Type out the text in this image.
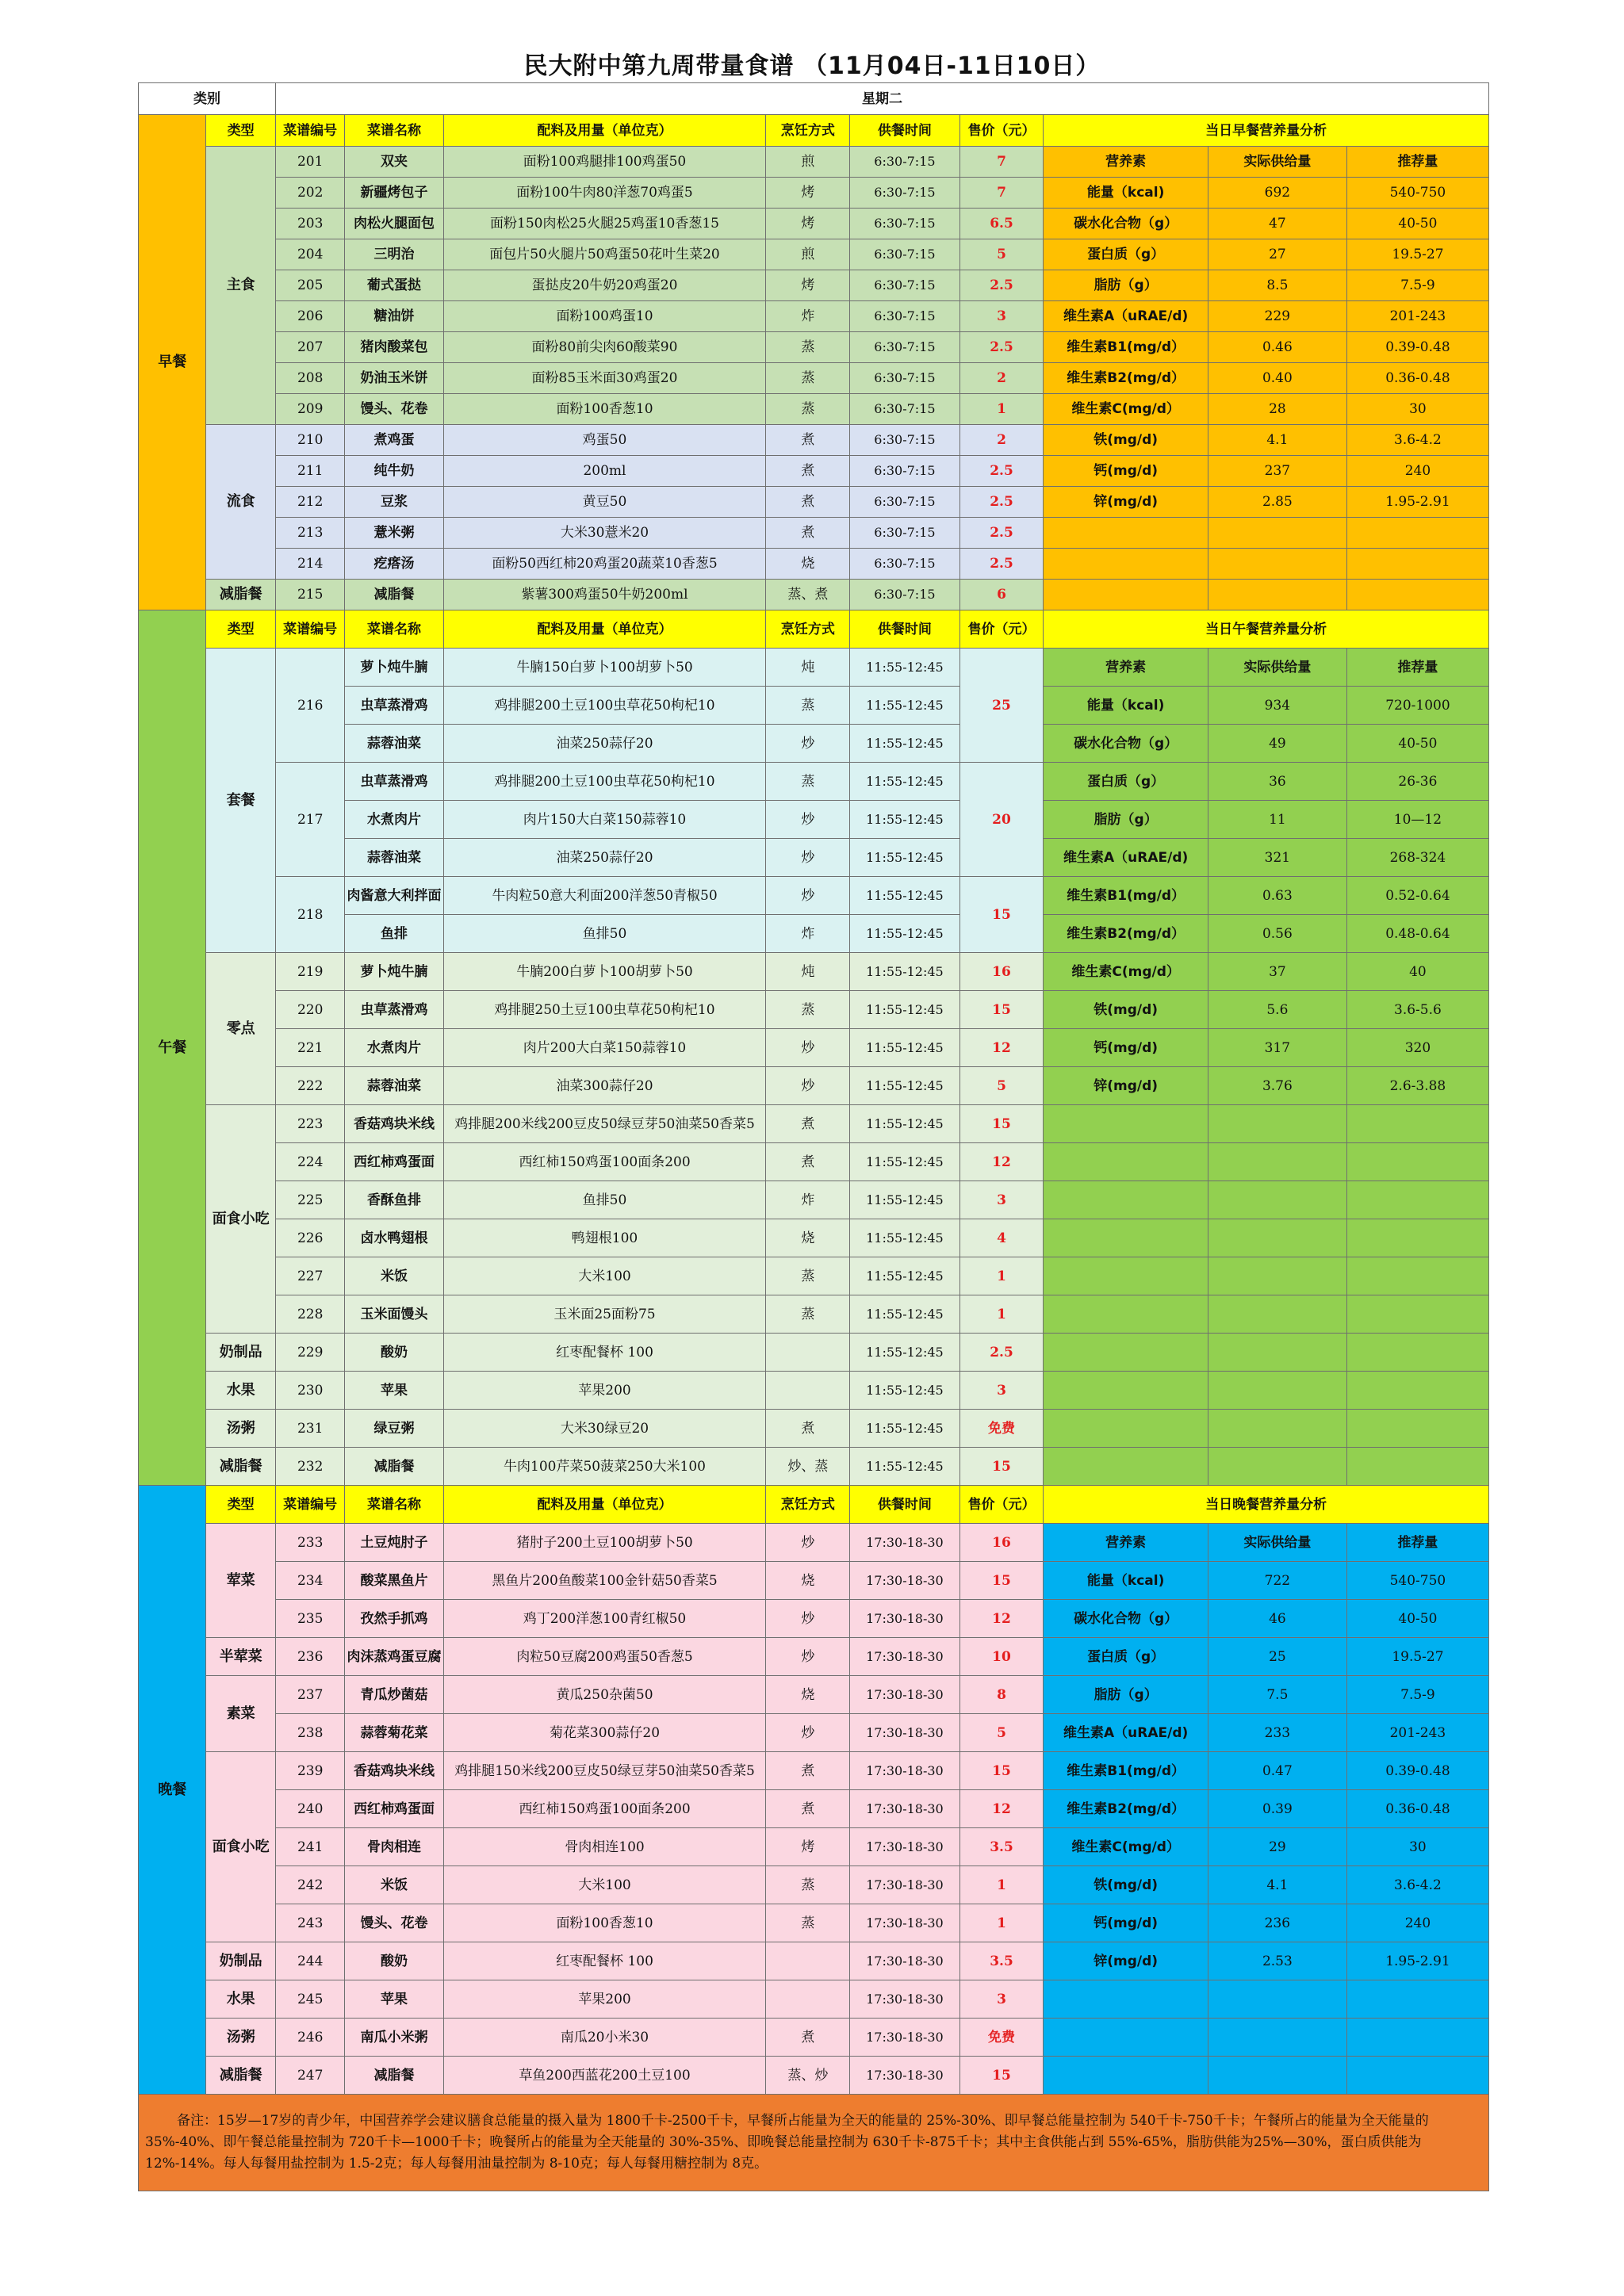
民大附中第九周带量食谱 （11月04日-11日10日）
类别		星期二								
早餐	类型	菜谱编号	菜谱名称	配料及用量（单位克）	烹饪方式	供餐时间	售价（元）	当日早餐营养量分析		
	主食	201	双夹	面粉100鸡腿排100鸡蛋50	煎	6:30-7:15	7	营养素	实际供给量	推荐量
		202	新疆烤包子	面粉100牛肉80洋葱70鸡蛋5	烤	6:30-7:15	7	能量（kcal)	692	540-750
		203	肉松火腿面包	面粉150肉松25火腿25鸡蛋10香葱15	烤	6:30-7:15	6.5	碳水化合物（g）	47	40-50
		204	三明治	面包片50火腿片50鸡蛋50花叶生菜20	煎	6:30-7:15	5	蛋白质（g）	27	19.5-27
		205	葡式蛋挞	蛋挞皮20牛奶20鸡蛋20	烤	6:30-7:15	2.5	脂肪（g）	8.5	7.5-9
		206	糖油饼	面粉100鸡蛋10	炸	6:30-7:15	3	维生素A（uRAE/d)	229	201-243
		207	猪肉酸菜包	面粉80前尖肉60酸菜90	蒸	6:30-7:15	2.5	维生素B1(mg/d）	0.46	0.39-0.48
		208	奶油玉米饼	面粉85玉米面30鸡蛋20	蒸	6:30-7:15	2	维生素B2(mg/d）	0.40	0.36-0.48
		209	馒头、花卷	面粉100香葱10	蒸	6:30-7:15	1	维生素C(mg/d）	28	30
	流食	210	煮鸡蛋	鸡蛋50	煮	6:30-7:15	2	铁(mg/d)	4.1	3.6-4.2
		211	纯牛奶	200ml	煮	6:30-7:15	2.5	钙(mg/d)	237	240
		212	豆浆	黄豆50	煮	6:30-7:15	2.5	锌(mg/d)	2.85	1.95-2.91
		213	薏米粥	大米30薏米20	煮	6:30-7:15	2.5			
		214	疙瘩汤	面粉50西红柿20鸡蛋20蔬菜10香葱5	烧	6:30-7:15	2.5			
	减脂餐	215	减脂餐	紫薯300鸡蛋50牛奶200ml	蒸、煮	6:30-7:15	6			
午餐	类型	菜谱编号	菜谱名称	配料及用量（单位克）	烹饪方式	供餐时间	售价（元）	当日午餐营养量分析		
	套餐	216	萝卜炖牛腩	牛腩150白萝卜100胡萝卜50	炖	11:55-12:45	25	营养素	实际供给量	推荐量
			虫草蒸滑鸡	鸡排腿200土豆100虫草花50枸杞10	蒸	11:55-12:45		能量（kcal)	934	720-1000
			蒜蓉油菜	油菜250蒜仔20	炒	11:55-12:45		碳水化合物（g）	49	40-50
		217	虫草蒸滑鸡	鸡排腿200土豆100虫草花50枸杞10	蒸	11:55-12:45	20	蛋白质（g）	36	26-36
			水煮肉片	肉片150大白菜150蒜蓉10	炒	11:55-12:45		脂肪（g）	11	10—12
			蒜蓉油菜	油菜250蒜仔20	炒	11:55-12:45		维生素A（uRAE/d)	321	268-324
		218	肉酱意大利拌面	牛肉粒50意大利面200洋葱50青椒50	炒	11:55-12:45	15	维生素B1(mg/d）	0.63	0.52-0.64
			鱼排	鱼排50	炸	11:55-12:45		维生素B2(mg/d）	0.56	0.48-0.64
	零点	219	萝卜炖牛腩	牛腩200白萝卜100胡萝卜50	炖	11:55-12:45	16	维生素C(mg/d）	37	40
		220	虫草蒸滑鸡	鸡排腿250土豆100虫草花50枸杞10	蒸	11:55-12:45	15	铁(mg/d)	5.6	3.6-5.6
		221	水煮肉片	肉片200大白菜150蒜蓉10	炒	11:55-12:45	12	钙(mg/d)	317	320
		222	蒜蓉油菜	油菜300蒜仔20	炒	11:55-12:45	5	锌(mg/d)	3.76	2.6-3.88
	面食小吃	223	香菇鸡块米线	鸡排腿200米线200豆皮50绿豆芽50油菜50香菜5	煮	11:55-12:45	15			
		224	西红柿鸡蛋面	西红柿150鸡蛋100面条200	煮	11:55-12:45	12			
		225	香酥鱼排	鱼排50	炸	11:55-12:45	3			
		226	卤水鸭翅根	鸭翅根100	烧	11:55-12:45	4			
		227	米饭	大米100	蒸	11:55-12:45	1			
		228	玉米面馒头	玉米面25面粉75	蒸	11:55-12:45	1			
	奶制品	229	酸奶	红枣配餐杯 100		11:55-12:45	2.5			
	水果	230	苹果	苹果200		11:55-12:45	3			
	汤粥	231	绿豆粥	大米30绿豆20	煮	11:55-12:45	免费			
	减脂餐	232	减脂餐	牛肉100芹菜50菠菜250大米100	炒、蒸	11:55-12:45	15			
晚餐	类型	菜谱编号	菜谱名称	配料及用量（单位克）	烹饪方式	供餐时间	售价（元）	当日晚餐营养量分析		
	荤菜	233	土豆炖肘子	猪肘子200土豆100胡萝卜50	炒	17:30-18-30	16	营养素	实际供给量	推荐量
		234	酸菜黑鱼片	黑鱼片200鱼酸菜100金针菇50香菜5	烧	17:30-18-30	15	能量（kcal)	722	540-750
		235	孜然手抓鸡	鸡丁200洋葱100青红椒50	炒	17:30-18-30	12	碳水化合物（g）	46	40-50
	半荤菜	236	肉沫蒸鸡蛋豆腐	肉粒50豆腐200鸡蛋50香葱5	炒	17:30-18-30	10	蛋白质（g）	25	19.5-27
	素菜	237	青瓜炒菌菇	黄瓜250杂菌50	烧	17:30-18-30	8	脂肪（g）	7.5	7.5-9
		238	蒜蓉菊花菜	菊花菜300蒜仔20	炒	17:30-18-30	5	维生素A（uRAE/d)	233	201-243
	面食小吃	239	香菇鸡块米线	鸡排腿150米线200豆皮50绿豆芽50油菜50香菜5	煮	17:30-18-30	15	维生素B1(mg/d）	0.47	0.39-0.48
		240	西红柿鸡蛋面	西红柿150鸡蛋100面条200	煮	17:30-18-30	12	维生素B2(mg/d）	0.39	0.36-0.48
		241	骨肉相连	骨肉相连100	烤	17:30-18-30	3.5	维生素C(mg/d）	29	30
		242	米饭	大米100	蒸	17:30-18-30	1	铁(mg/d)	4.1	3.6-4.2
		243	馒头、花卷	面粉100香葱10	蒸	17:30-18-30	1	钙(mg/d)	236	240
	奶制品	244	酸奶	红枣配餐杯 100		17:30-18-30	3.5	锌(mg/d)	2.53	1.95-2.91
	水果	245	苹果	苹果200		17:30-18-30	3			
	汤粥	246	南瓜小米粥	南瓜20小米30	煮	17:30-18-30	免费			
	减脂餐	247	减脂餐	草鱼200西蓝花200土豆100	蒸、炒	17:30-18-30	15			
备注：15岁—17岁的青少年，中国营养学会建议膳食总能量的摄入量为 1800千卡-2500千卡，早餐所占能量为全天的能量的 25%-30%、即早餐总能量控制为 540千卡-750千卡；午餐所占的能量为全天能量的35%-40%、即午餐总能量控制为 720千卡—1000千卡；晚餐所占的能量为全天能量的 30%-35%、即晚餐总能量控制为 630千卡-875千卡；其中主食供能占到 55%-65%，脂肪供能为25%—30%，蛋白质供能为12%-14%。每人每餐用盐控制为 1.5-2克；每人每餐用油量控制为 8-10克；每人每餐用糖控制为 8克。										
